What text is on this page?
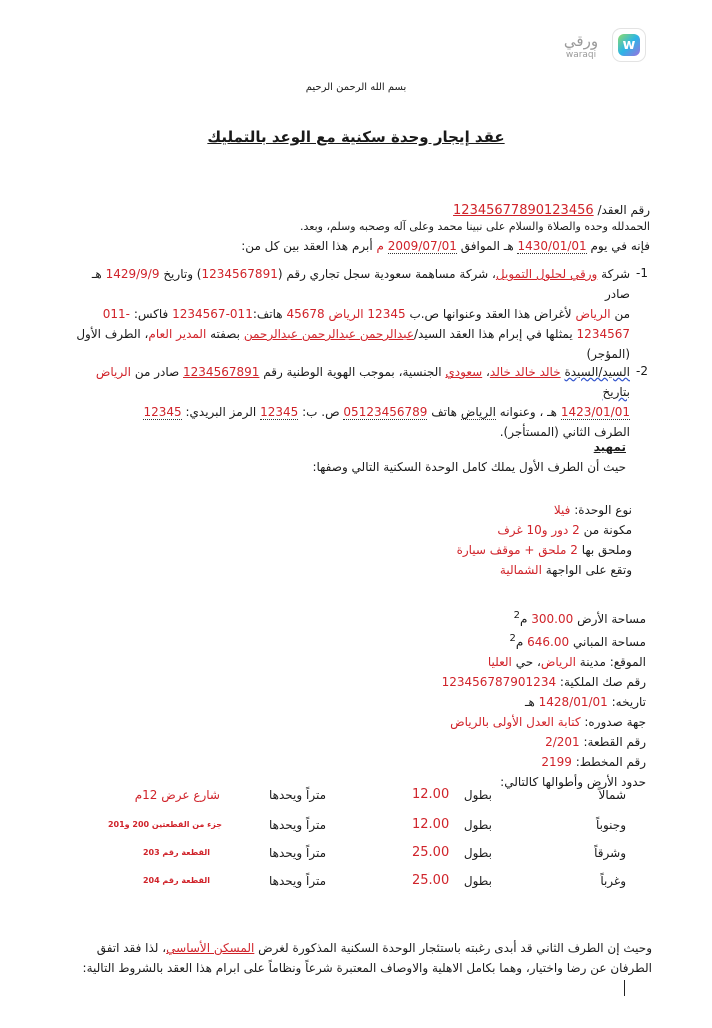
w
ورقي
waraqi
بسم الله الرحمن الرحيم
عقد إيجار وحدة سكنية مع الوعد بالتمليك
رقم العقد/ 12345677890123456
الحمدلله وحده والصلاة والسلام على نبينا محمد وعلى آله وصحبه وسلم، وبعد.
فإنه في يوم 1430/01/01 هـ الموافق 2009/07/01 م أبرم هذا العقد بين كل من:
-1
شركة ورقي لحلول التمويل، شركة مساهمة سعودية سجل تجاري رقم (1234567891) وتاريخ 1429/9/9 هـ صادر
من الرياض لأغراض هذا العقد وعنوانها ص.ب 12345 الرياض 45678 هاتف:011-1234567 فاكس: -011
1234567 يمثلها في إبرام هذا العقد السيد/عبدالرحمن عبدالرحمن عبدالرحمن بصفته المدير العام، الطرف الأول
(المؤجر)
-2
السيد/السيدة خالد خالد خالد، سعودي الجنسية، بموجب الهوية الوطنية رقم 1234567891 صادر من الرياض بتاريخ
1423/01/01 هـ ، وعنوانه الرياض هاتف 05123456789 ص. ب: 12345 الرمز البريدي: 12345
الطرف الثاني (المستأجر).
تمهيد
حيث أن الطرف الأول يملك كامل الوحدة السكنية التالي وصفها:
نوع الوحدة: فيلا
مكونة من 2 دور و10 غرف
وملحق بها 2 ملحق + موقف سيارة
وتقع على الواجهة الشمالية
مساحة الأرض 300.00 م$^2$
مساحة المباني 646.00 م$^2$
الموقع: مدينة الرياض، حي العليا
رقم صك الملكية: 123456787901234
تاريخه: 1428/01/01 هـ
جهة صدوره: كتابة العدل الأولى بالرياض
رقم القطعة: 2/201
رقم المخطط: 2199
حدود الأرض وأطوالها كالتالي:
شمالاً
بطول
12.00
متراً ويحدها
شارع عرض 12م
وجنوباً
بطول
12.00
متراً ويحدها
جزء من القطعتين 200 و201
وشرقاً
بطول
25.00
متراً ويحدها
القطعة رقم 203
وغرباً
بطول
25.00
متراً ويحدها
القطعة رقم 204
وحيث إن الطرف الثاني قد أبدى رغبته باستئجار الوحدة السكنية المذكورة لغرض المسكن الأساسي، لذا فقد اتفق
الطرفان عن رضا واختيار، وهما بكامل الاهلية والاوصاف المعتبرة شرعاً ونظاماً على ابرام هذا العقد بالشروط التالية:
